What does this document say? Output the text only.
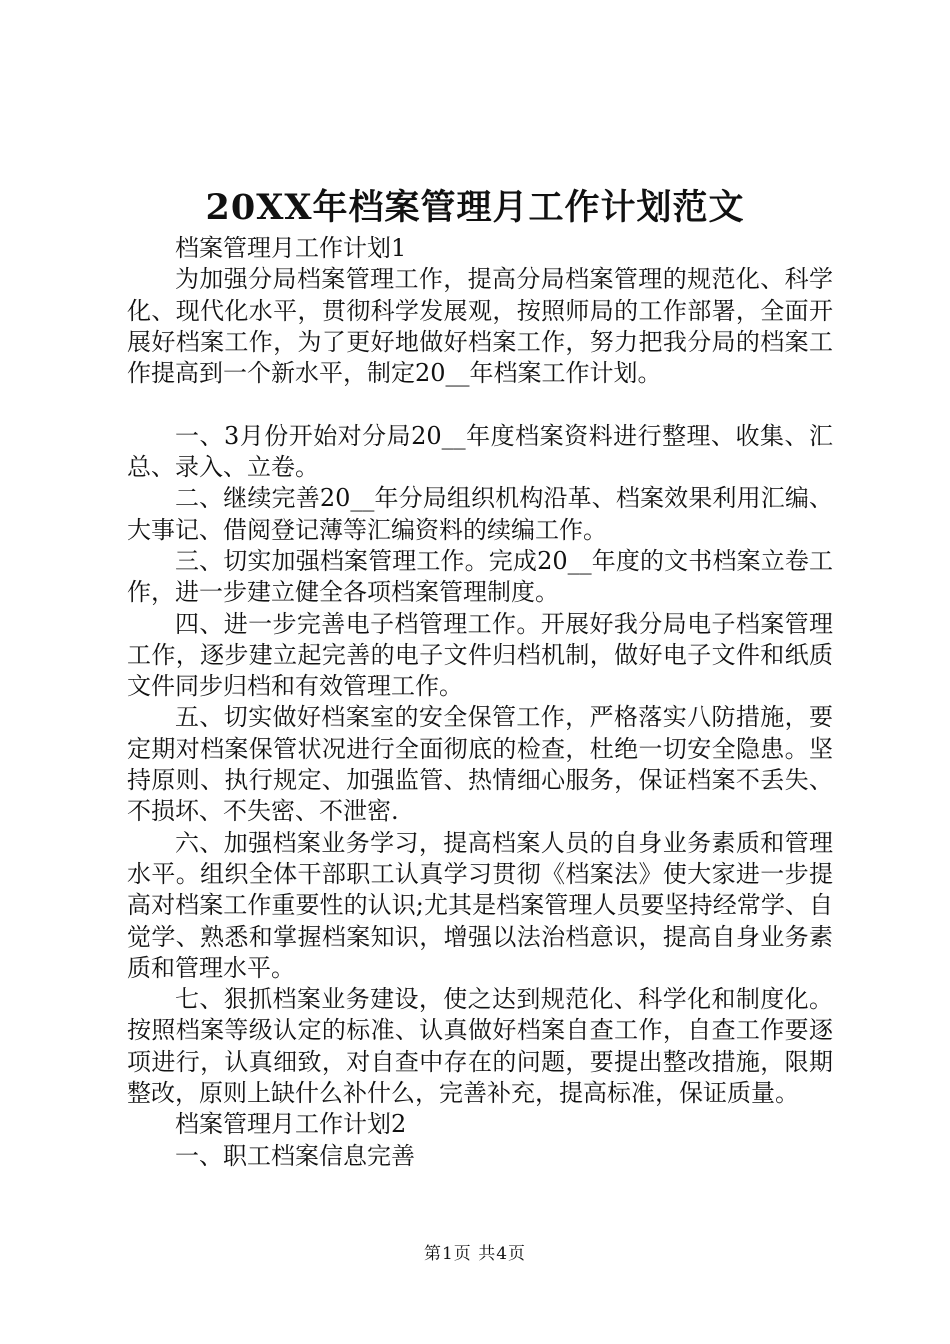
20XX年档案管理月工作计划范文

档案管理月工作计划1

为加强分局档案管理工作，提高分局档案管理的规范化、科学化、现代化水平，贯彻科学发展观，按照师局的工作部署，全面开展好档案工作，为了更好地做好档案工作，努力把我分局的档案工作提高到一个新水平，制定20__年档案工作计划。

一、3月份开始对分局20__年度档案资料进行整理、收集、汇总、录入、立卷。

二、继续完善20__年分局组织机构沿革、档案效果利用汇编、大事记、借阅登记薄等汇编资料的续编工作。

三、切实加强档案管理工作。完成20__年度的文书档案立卷工作，进一步建立健全各项档案管理制度。

四、进一步完善电子档管理工作。开展好我分局电子档案管理工作，逐步建立起完善的电子文件归档机制，做好电子文件和纸质文件同步归档和有效管理工作。

五、切实做好档案室的安全保管工作，严格落实八防措施，要定期对档案保管状况进行全面彻底的检查，杜绝一切安全隐患。坚持原则、执行规定、加强监管、热情细心服务，保证档案不丢失、不损坏、不失密、不泄密.

六、加强档案业务学习，提高档案人员的自身业务素质和管理水平。组织全体干部职工认真学习贯彻《档案法》使大家进一步提高对档案工作重要性的认识;尤其是档案管理人员要坚持经常学、自觉学、熟悉和掌握档案知识，增强以法治档意识，提高自身业务素质和管理水平。

七、狠抓档案业务建设，使之达到规范化、科学化和制度化。按照档案等级认定的标准、认真做好档案自查工作，自查工作要逐项进行，认真细致，对自查中存在的问题，要提出整改措施，限期整改，原则上缺什么补什么，完善补充，提高标准，保证质量。

档案管理月工作计划2

一、职工档案信息完善

第1页 共4页
